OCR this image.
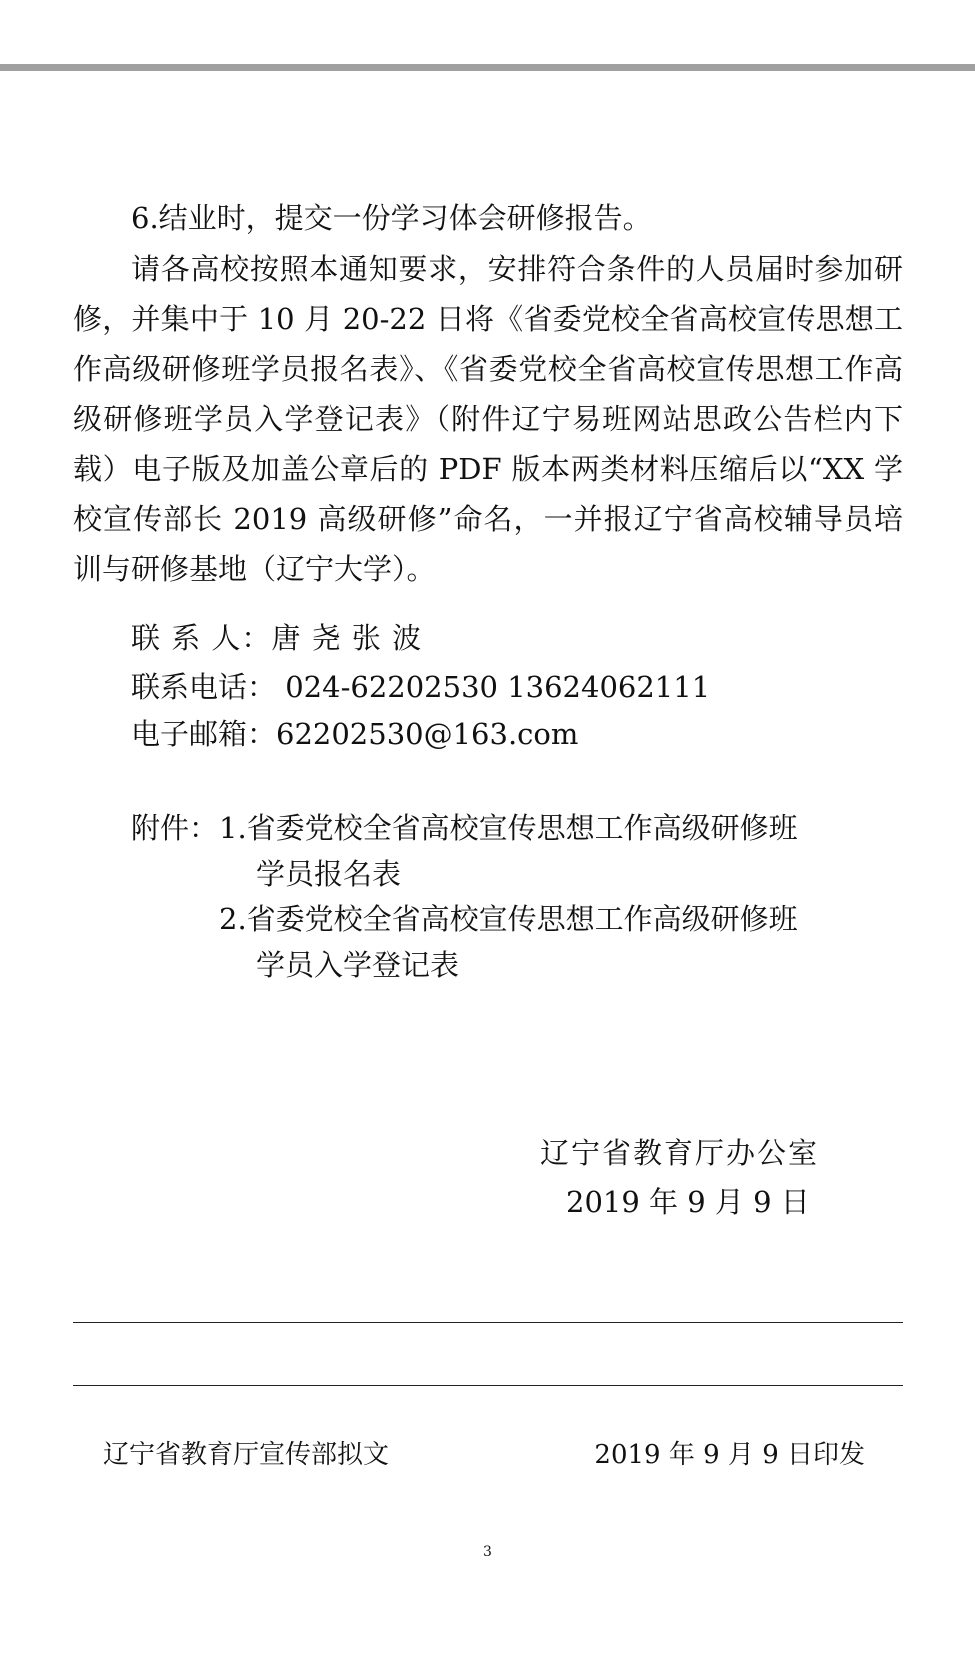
6.结业时，提交一份学习体会研修报告。
请各高校按照本通知要求，安排符合条件的人员届时参加研修，并集中于 10 月 20-22 日将《省委党校全省高校宣传思想工作高级研修班学员报名表》、《省委党校全省高校宣传思想工作高级研修班学员入学登记表》（附件辽宁易班网站思政公告栏内下载）电子版及加盖公章后的 PDF 版本两类材料压缩后以“XX 学校宣传部长 2019 高级研修”命名，一并报辽宁省高校辅导员培训与研修基地（辽宁大学）。
联 系 人：唐 尧 张 波
联系电话： 024-62202530 13624062111
电子邮箱：62202530@163.com
附件： 1.省委党校全省高校宣传思想工作高级研修班
学员报名表
2.省委党校全省高校宣传思想工作高级研修班
学员入学登记表
辽宁省教育厅办公室
2019 年 9 月 9 日
辽宁省教育厅宣传部拟文	2019 年 9 月 9 日印发
3
